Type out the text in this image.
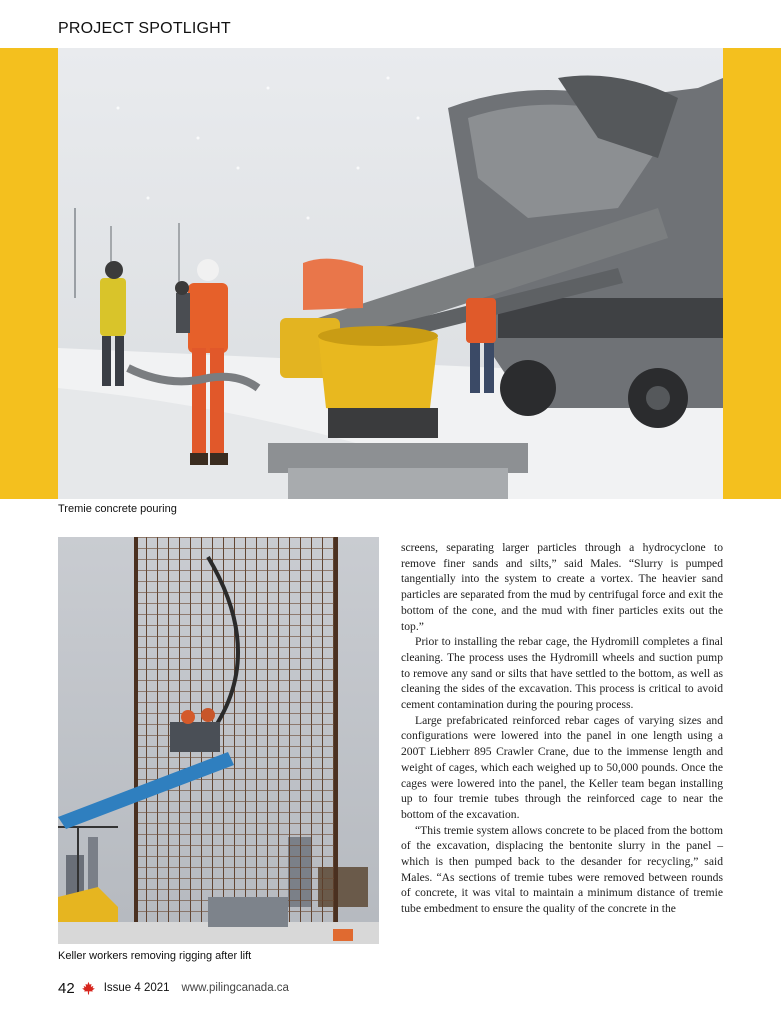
PROJECT SPOTLIGHT
Tremie concrete pouring
Keller workers removing rigging after lift

screens, separating larger particles through a hydrocyclone to remove finer sands and silts,” said Males. “Slurry is pumped tangentially into the system to create a vortex. The heavier sand particles are separated from the mud by centrifugal force and exit the bottom of the cone, and the mud with finer particles exits out the top.”

Prior to installing the rebar cage, the Hydromill completes a final cleaning. The process uses the Hydromill wheels and suction pump to remove any sand or silts that have settled to the bottom, as well as cleaning the sides of the excavation. This process is critical to avoid cement contamination during the pouring process.

Large prefabricated reinforced rebar cages of varying sizes and configurations were lowered into the panel in one length using a 200T Liebherr 895 Crawler Crane, due to the immense length and weight of cages, which each weighed up to 50,000 pounds. Once the cages were lowered into the panel, the Keller team began installing up to four tremie tubes through the reinforced cage to near the bottom of the excavation.

“This tremie system allows concrete to be placed from the bottom of the excavation, displacing the bentonite slurry in the panel – which is then pumped back to the desander for recycling,” said Males. “As sections of tremie tubes were removed between rounds of concrete, it was vital to maintain a minimum distance of tremie tube embedment to ensure the quality of the concrete in the

42	Issue 4 2021 www.pilingcanada.ca
